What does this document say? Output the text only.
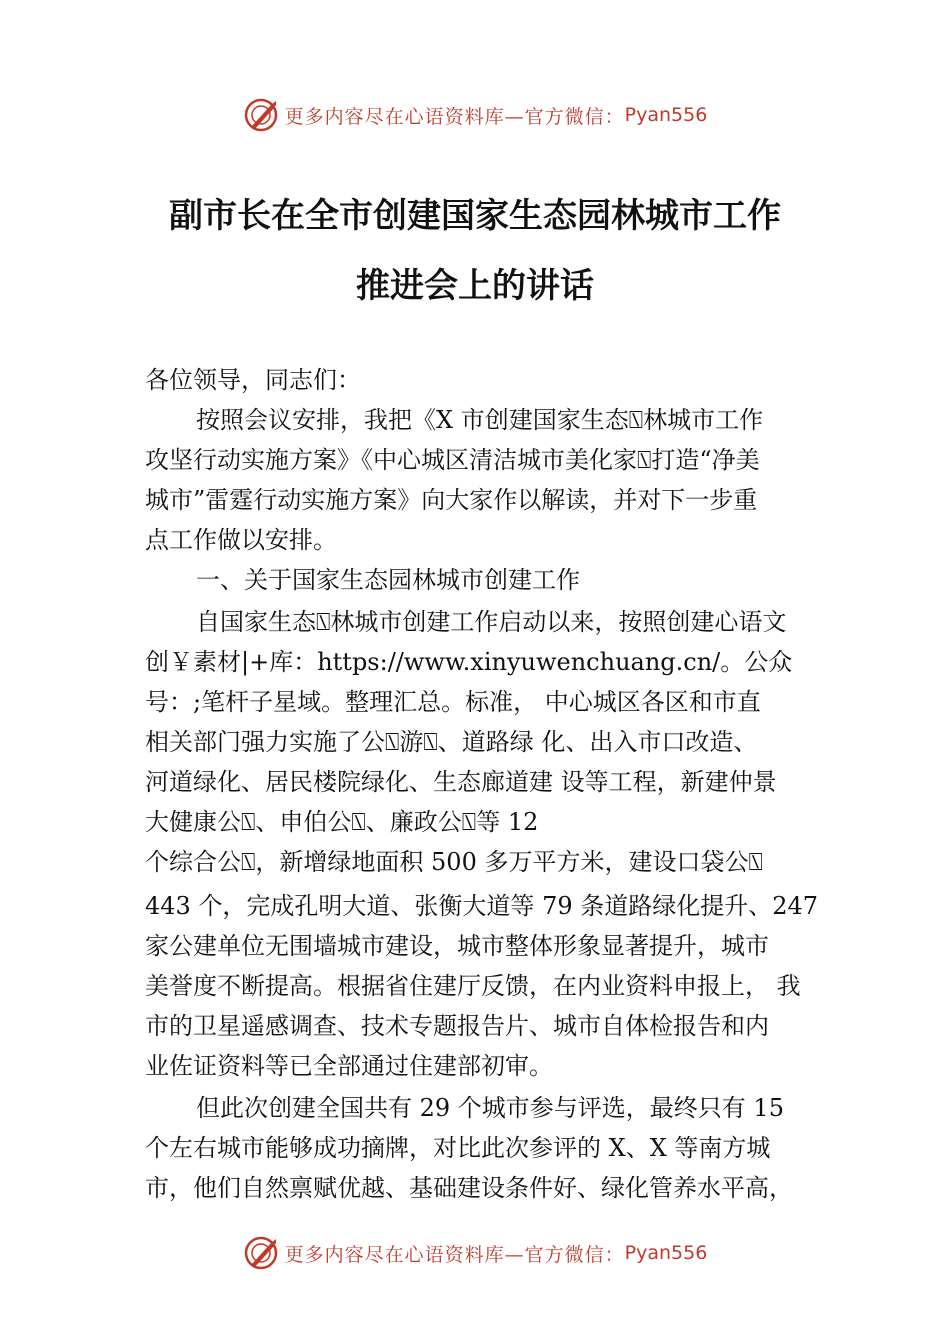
更多内容尽在心语资料库—官方微信： Pyan556
副市长在全市创建国家生态园林城市工作
推进会上的讲话
各位领导，同志们：
按照会议安排，我把《X 市创建国家生态⍂林城市工作
攻坚行动实施方案》《中心城区清洁城市美化家⍂打造“净美
城市”雷霆行动实施方案》向大家作以解读，并对下一步重
点工作做以安排。
一、关于国家生态园林城市创建工作
自国家生态⍂林城市创建工作启动以来，按照创建心语文
创￥素材|+库：https://www.xinyuwenchuang.cn/。公众
号：;笔杆子星域。整理汇总。标准， 中心城区各区和市直
相关部门强力实施了公⍂游⍂、道路绿 化、出入市口改造、
河道绿化、居民楼院绿化、生态廊道建 设等工程，新建仲景
大健康公⍂、申伯公⍂、廉政公⍂等 12
个综合公⍂，新增绿地面积 500 多万平方米，建设口袋公⍂
443 个，完成孔明大道、张衡大道等 79 条道路绿化提升、247
家公建单位无围墙城市建设，城市整体形象显著提升，城市
美誉度不断提高。根据省住建厅反馈，在内业资料申报上， 我
市的卫星遥感调查、技术专题报告片、城市自体检报告和内
业佐证资料等已全部通过住建部初审。
但此次创建全国共有 29 个城市参与评选，最终只有 15
个左右城市能够成功摘牌，对比此次参评的 X、X 等南方城
市，他们自然禀赋优越、基础建设条件好、绿化管养水平高，
更多内容尽在心语资料库—官方微信： Pyan556
